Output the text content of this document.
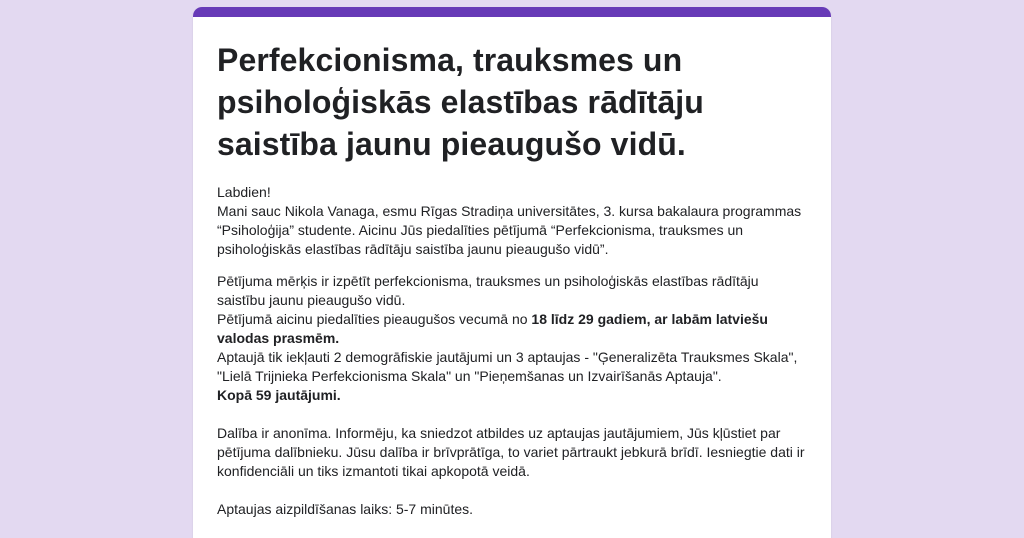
Perfekcionisma, trauksmes un psiholoģiskās elastības rādītāju saistība jaunu pieaugušo vidū.

Labdien!

Mani sauc Nikola Vanaga, esmu Rīgas Stradiņa universitātes, 3. kursa bakalaura programmas “Psiholoģija” studente. Aicinu Jūs piedalīties pētījumā “Perfekcionisma, trauksmes un psiholoģiskās elastības rādītāju saistība jaunu pieaugušo vidū”.

Pētījuma mērķis ir izpētīt perfekcionisma, trauksmes un psiholoģiskās elastības rādītāju saistību jaunu pieaugušo vidū.

Pētījumā aicinu piedalīties pieaugušos vecumā no 18 līdz 29 gadiem, ar labām latviešu valodas prasmēm.

Aptaujā tik iekļauti 2 demogrāfiskie jautājumi un 3 aptaujas - "Ģeneralizēta Trauksmes Skala", "Lielā Trijnieka Perfekcionisma Skala" un "Pieņemšanas un Izvairīšanās Aptauja".

Kopā 59 jautājumi.

Dalība ir anonīma. Informēju, ka sniedzot atbildes uz aptaujas jautājumiem, Jūs kļūstiet par pētījuma dalībnieku. Jūsu dalība ir brīvprātīga, to variet pārtraukt jebkurā brīdī. Iesniegtie dati ir konfidenciāli un tiks izmantoti tikai apkopotā veidā.

Aptaujas aizpildīšanas laiks: 5-7 minūtes.
